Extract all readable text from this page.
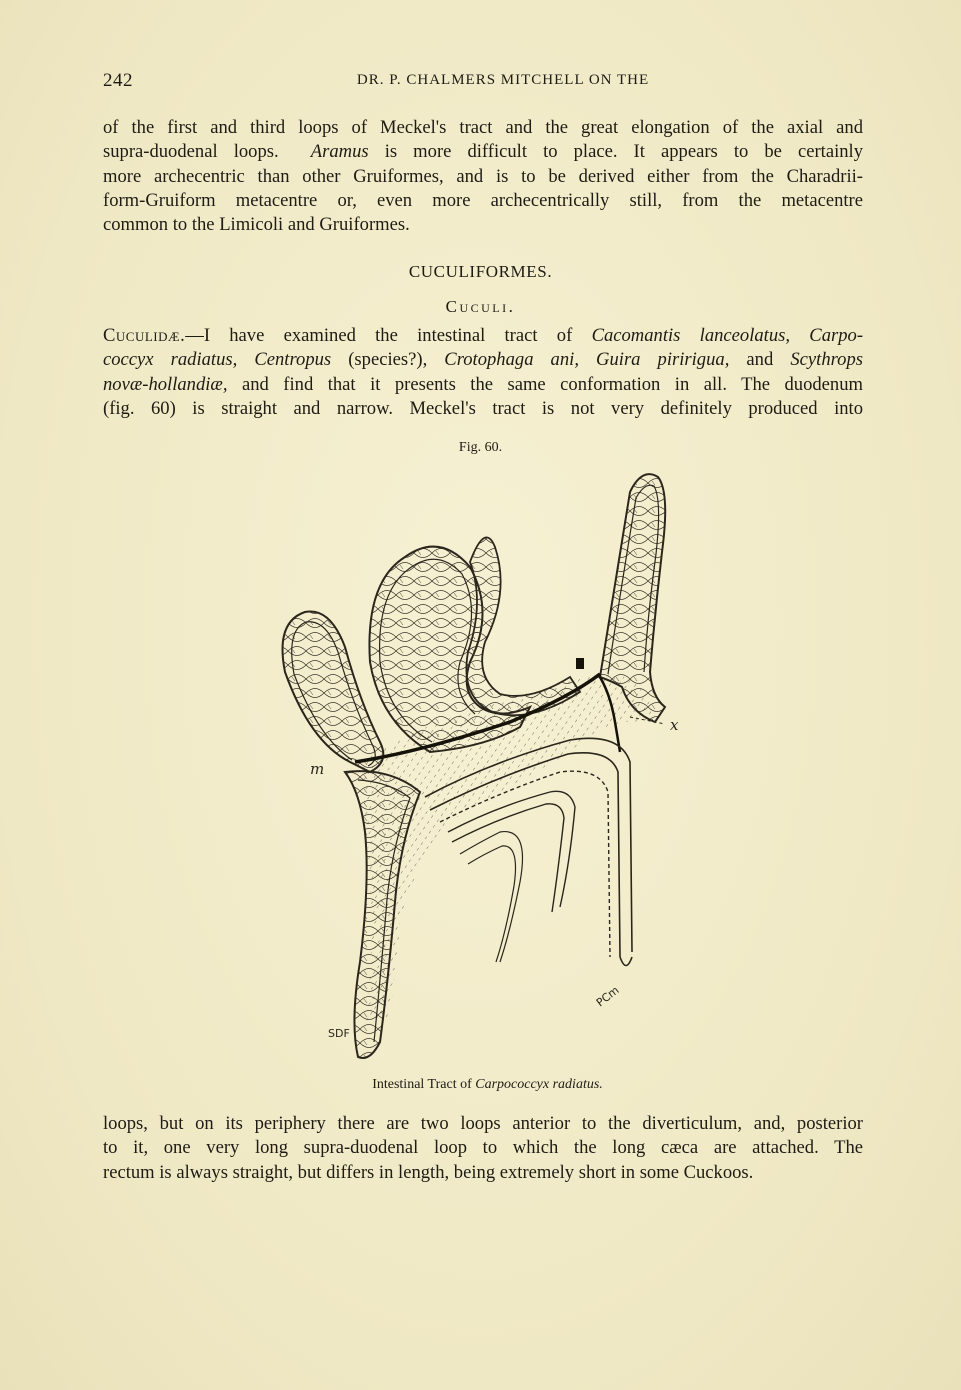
242	DR. P. CHALMERS MITCHELL ON THE
of the first and third loops of Meckel's tract and the great elongation of the axial and
supra-duodenal loops. Aramus is more difficult to place. It appears to be certainly
more archecentric than other Gruiformes, and is to be derived either from the Charadrii-
form-Gruiform metacentre or, even more archecentrically still, from the metacentre
common to the Limicoli and Gruiformes.
CUCULIFORMES.
Cuculi.
Cuculidæ.—I have examined the intestinal tract of Cacomantis lanceolatus, Carpo-
coccyx radiatus, Centropus (species?), Crotophaga ani, Guira piririgua, and Scythrops
novæ-hollandiæ, and find that it presents the same conformation in all. The duodenum
(fig. 60) is straight and narrow. Meckel's tract is not very definitely produced into
Fig. 60.
x
m
SDF
PCm
Intestinal Tract of Carpococcyx radiatus.
loops, but on its periphery there are two loops anterior to the diverticulum, and, posterior
to it, one very long supra-duodenal loop to which the long cæca are attached. The
rectum is always straight, but differs in length, being extremely short in some Cuckoos.
